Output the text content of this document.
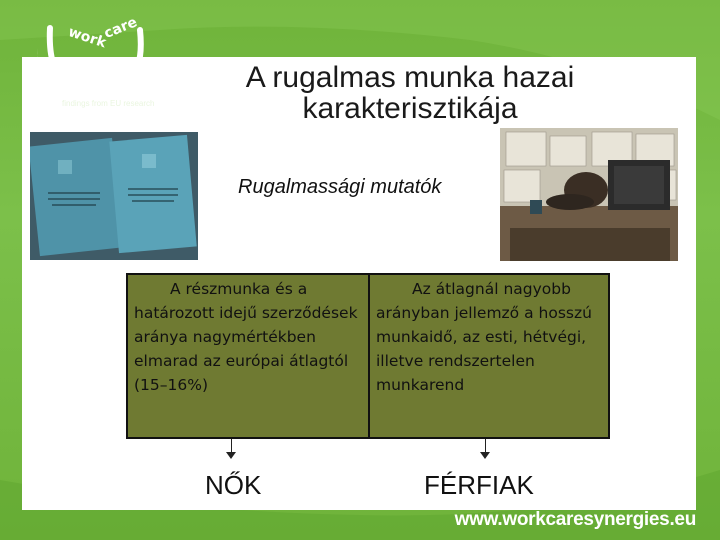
work
care
synergies
findings from EU research
A rugalmas munka hazai karakterisztikája
Rugalmassági mutatók
A részmunka és a határozott idejű szerződések aránya nagymértékben elmarad az európai átlagtól (15–16%)
Az átlagnál nagyobb arányban jellemző a hosszú munkaidő, az esti, hétvégi, illetve rendszertelen munkarend
NŐK	FÉRFIAK
www.workcaresynergies.eu
